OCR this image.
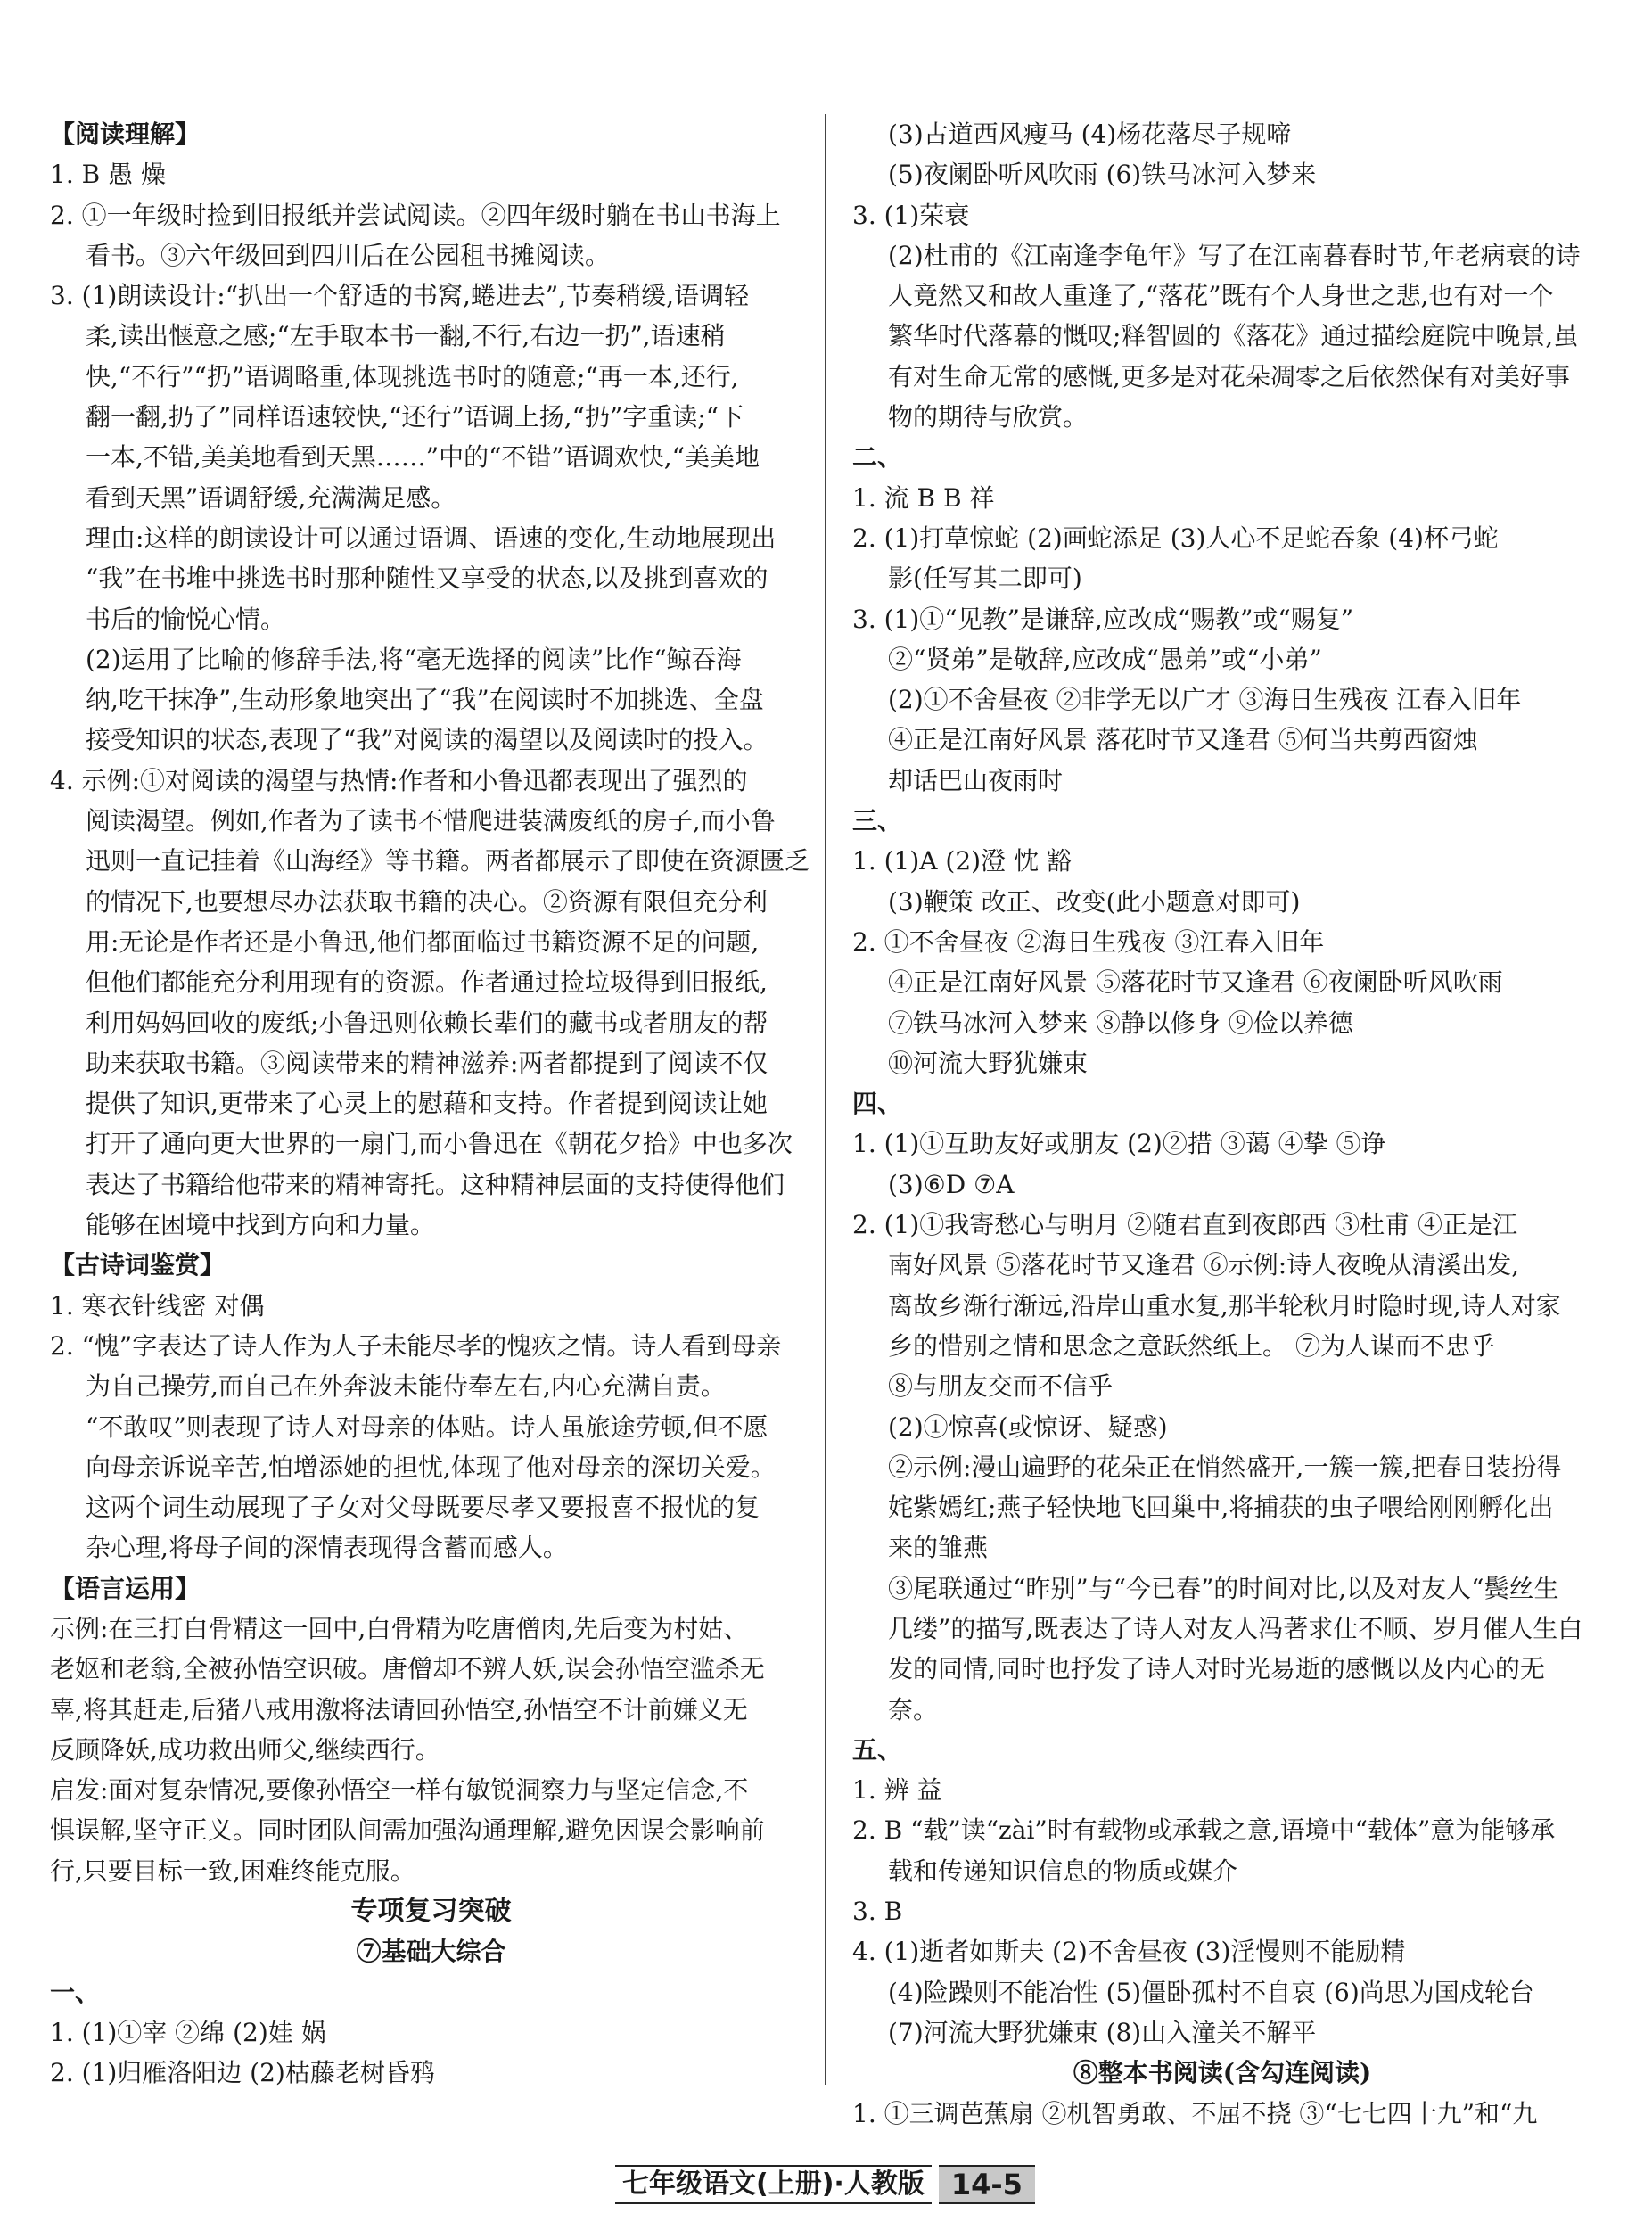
【阅读理解】
1. B 愚 燥
2. ①一年级时捡到旧报纸并尝试阅读。②四年级时躺在书山书海上
看书。③六年级回到四川后在公园租书摊阅读。
3. (1)朗读设计:“扒出一个舒适的书窝,蜷进去”,节奏稍缓,语调轻
柔,读出惬意之感;“左手取本书一翻,不行,右边一扔”,语速稍
快,“不行”“扔”语调略重,体现挑选书时的随意;“再一本,还行,
翻一翻,扔了”同样语速较快,“还行”语调上扬,“扔”字重读;“下
一本,不错,美美地看到天黑……”中的“不错”语调欢快,“美美地
看到天黑”语调舒缓,充满满足感。
理由:这样的朗读设计可以通过语调、语速的变化,生动地展现出
“我”在书堆中挑选书时那种随性又享受的状态,以及挑到喜欢的
书后的愉悦心情。
(2)运用了比喻的修辞手法,将“毫无选择的阅读”比作“鲸吞海
纳,吃干抹净”,生动形象地突出了“我”在阅读时不加挑选、全盘
接受知识的状态,表现了“我”对阅读的渴望以及阅读时的投入。
4. 示例:①对阅读的渴望与热情:作者和小鲁迅都表现出了强烈的
阅读渴望。例如,作者为了读书不惜爬进装满废纸的房子,而小鲁
迅则一直记挂着《山海经》等书籍。两者都展示了即使在资源匮乏
的情况下,也要想尽办法获取书籍的决心。②资源有限但充分利
用:无论是作者还是小鲁迅,他们都面临过书籍资源不足的问题,
但他们都能充分利用现有的资源。作者通过捡垃圾得到旧报纸,
利用妈妈回收的废纸;小鲁迅则依赖长辈们的藏书或者朋友的帮
助来获取书籍。③阅读带来的精神滋养:两者都提到了阅读不仅
提供了知识,更带来了心灵上的慰藉和支持。作者提到阅读让她
打开了通向更大世界的一扇门,而小鲁迅在《朝花夕拾》中也多次
表达了书籍给他带来的精神寄托。这种精神层面的支持使得他们
能够在困境中找到方向和力量。
【古诗词鉴赏】
1. 寒衣针线密 对偶
2. “愧”字表达了诗人作为人子未能尽孝的愧疚之情。诗人看到母亲
为自己操劳,而自己在外奔波未能侍奉左右,内心充满自责。
“不敢叹”则表现了诗人对母亲的体贴。诗人虽旅途劳顿,但不愿
向母亲诉说辛苦,怕增添她的担忧,体现了他对母亲的深切关爱。
这两个词生动展现了子女对父母既要尽孝又要报喜不报忧的复
杂心理,将母子间的深情表现得含蓄而感人。
【语言运用】
示例:在三打白骨精这一回中,白骨精为吃唐僧肉,先后变为村姑、
老妪和老翁,全被孙悟空识破。唐僧却不辨人妖,误会孙悟空滥杀无
辜,将其赶走,后猪八戒用激将法请回孙悟空,孙悟空不计前嫌义无
反顾降妖,成功救出师父,继续西行。
启发:面对复杂情况,要像孙悟空一样有敏锐洞察力与坚定信念,不
惧误解,坚守正义。同时团队间需加强沟通理解,避免因误会影响前
行,只要目标一致,困难终能克服。
专项复习突破
⑦基础大综合
一、
1. (1)①宰 ②绵 (2)娃 娲
2. (1)归雁洛阳边 (2)枯藤老树昏鸦
(3)古道西风瘦马 (4)杨花落尽子规啼
(5)夜阑卧听风吹雨 (6)铁马冰河入梦来
3. (1)荣衰
(2)杜甫的《江南逢李龟年》写了在江南暮春时节,年老病衰的诗
人竟然又和故人重逢了,“落花”既有个人身世之悲,也有对一个
繁华时代落幕的慨叹;释智圆的《落花》通过描绘庭院中晚景,虽
有对生命无常的感慨,更多是对花朵凋零之后依然保有对美好事
物的期待与欣赏。
二、
1. 流 B B 祥
2. (1)打草惊蛇 (2)画蛇添足 (3)人心不足蛇吞象 (4)杯弓蛇
影(任写其二即可)
3. (1)①“见教”是谦辞,应改成“赐教”或“赐复”
②“贤弟”是敬辞,应改成“愚弟”或“小弟”
(2)①不舍昼夜 ②非学无以广才 ③海日生残夜 江春入旧年
④正是江南好风景 落花时节又逢君 ⑤何当共剪西窗烛
却话巴山夜雨时
三、
1. (1)A (2)澄 忱 豁
(3)鞭策 改正、改变(此小题意对即可)
2. ①不舍昼夜 ②海日生残夜 ③江春入旧年
④正是江南好风景 ⑤落花时节又逢君 ⑥夜阑卧听风吹雨
⑦铁马冰河入梦来 ⑧静以修身 ⑨俭以养德
⑩河流大野犹嫌束
四、
1. (1)①互助友好或朋友 (2)②措 ③蔼 ④挚 ⑤诤
(3)⑥D ⑦A
2. (1)①我寄愁心与明月 ②随君直到夜郎西 ③杜甫 ④正是江
南好风景 ⑤落花时节又逢君 ⑥示例:诗人夜晚从清溪出发,
离故乡渐行渐远,沿岸山重水复,那半轮秋月时隐时现,诗人对家
乡的惜别之情和思念之意跃然纸上。 ⑦为人谋而不忠乎
⑧与朋友交而不信乎
(2)①惊喜(或惊讶、疑惑)
②示例:漫山遍野的花朵正在悄然盛开,一簇一簇,把春日装扮得
姹紫嫣红;燕子轻快地飞回巢中,将捕获的虫子喂给刚刚孵化出
来的雏燕
③尾联通过“昨别”与“今已春”的时间对比,以及对友人“鬓丝生
几缕”的描写,既表达了诗人对友人冯著求仕不顺、岁月催人生白
发的同情,同时也抒发了诗人对时光易逝的感慨以及内心的无
奈。
五、
1. 辨 益
2. B “载”读“zài”时有载物或承载之意,语境中“载体”意为能够承
载和传递知识信息的物质或媒介
3. B
4. (1)逝者如斯夫 (2)不舍昼夜 (3)淫慢则不能励精
(4)险躁则不能冶性 (5)僵卧孤村不自哀 (6)尚思为国戍轮台
(7)河流大野犹嫌束 (8)山入潼关不解平
⑧整本书阅读(含勾连阅读)
1. ①三调芭蕉扇 ②机智勇敢、不屈不挠 ③“七七四十九”和“九
七年级语文(上册)·人教版 14-5
